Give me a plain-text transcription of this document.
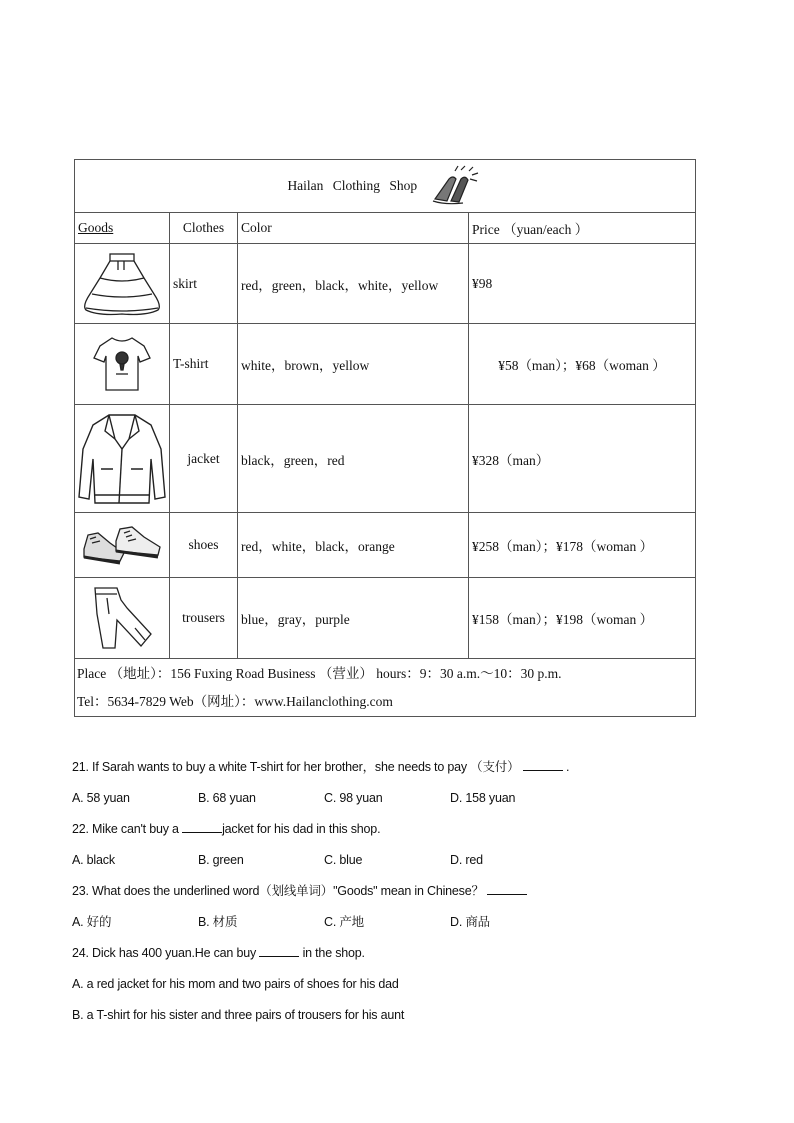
Hailan Clothing Shop			
Goods	Clothes	Color	Price （yuan/each ）

	skirt	red，green，black，white，yellow	¥98

	T-shirt	white，brown，yellow	¥58（man）；¥68（woman ）

	jacket	black，green，red	¥328（man）

	shoes	red，white，black，orange	¥258（man）；¥178（woman ）

	trousers	blue，gray，purple	¥158（man）；¥198（woman ）

Place （地址）：156 Fuxing Road Business （营业） hours：9：30 a.m.～10：30 p.m.
Tel：5634-7829 Web（网址）：www.Hailanclothing.com			
21. If Sarah wants to buy a white T-shirt for her brother，she needs to pay （支付）	.
A. 58 yuan	B. 68 yuan	C. 98 yuan	D. 158 yuan
22. Mike can't buy a	jacket for his dad in this shop.
A. black	B. green	C. blue	D. red
23. What does the underlined word（划线单词）"Goods" mean in Chinese？
A. 好的	B. 材质	C. 产地	D. 商品
24. Dick has 400 yuan.He can buy	in the shop.
A. a red jacket for his mom and two pairs of shoes for his dad
B. a T-shirt for his sister and three pairs of trousers for his aunt
